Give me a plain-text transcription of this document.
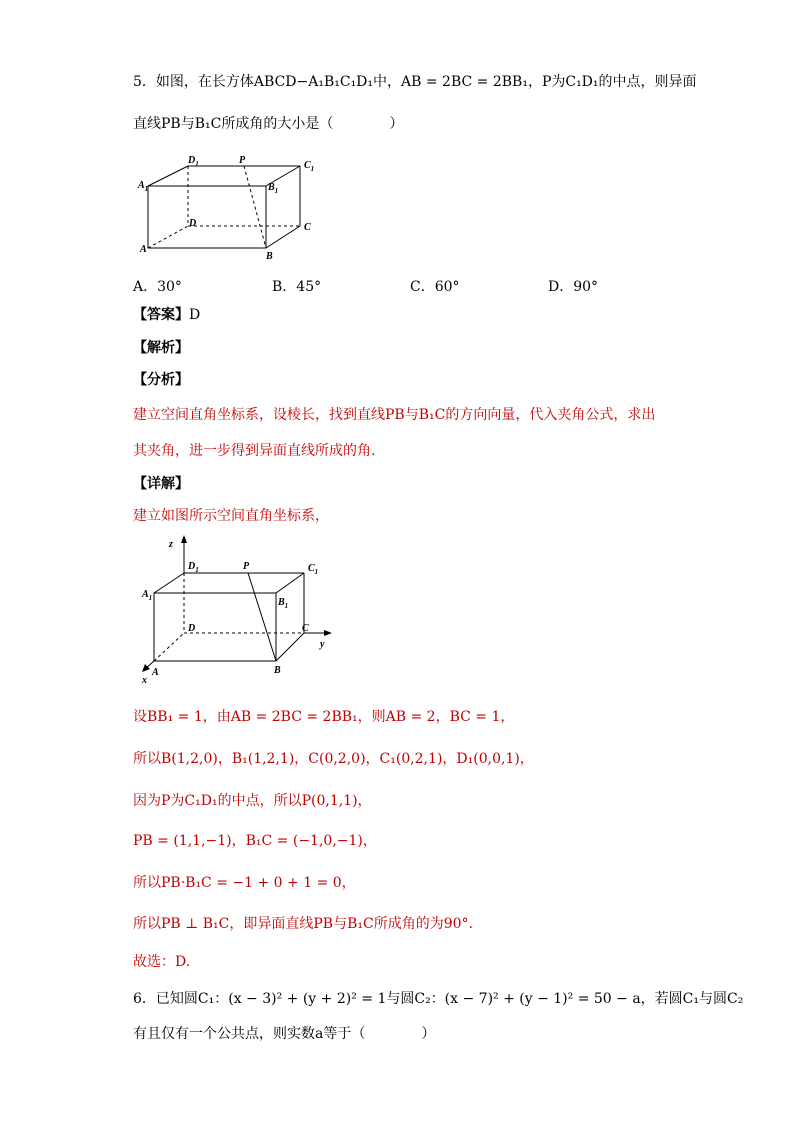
5．如图，在长方体ABCD−A₁B₁C₁D₁中，AB = 2BC = 2BB₁，P为C₁D₁的中点，则异面
直线PB与B₁C所成角的大小是（　　　　）
$D_1$	P	$C_1$
$A_1$	$B_1$
D	C
A
B
A．30°	B．45°	C．60°	D．90°
【答案】D
【解析】
【分析】
建立空间直角坐标系，设棱长，找到直线PB与B₁C的方向向量，代入夹角公式，求出
其夹角，进一步得到异面直线所成的角.
【详解】
建立如图所示空间直角坐标系，
z
y
x
$D_1$	P	$C_1$
$A_1$	$B_1$
D	C
A	B
设BB₁ = 1，由AB = 2BC = 2BB₁，则AB = 2，BC = 1，
所以B(1,2,0)，B₁(1,2,1)，C(0,2,0)，C₁(0,2,1)，D₁(0,0,1)，
因为P为C₁D₁的中点，所以P(0,1,1)，
PB = (1,1,−1)，B₁C = (−1,0,−1)，
所以PB·B₁C = −1 + 0 + 1 = 0，
所以PB ⊥ B₁C，即异面直线PB与B₁C所成角的为90°.
故选：D.
6．已知圆C₁：(x − 3)² + (y + 2)² = 1与圆C₂：(x − 7)² + (y − 1)² = 50 − a，若圆C₁与圆C₂
有且仅有一个公共点，则实数a等于（　　　　）
